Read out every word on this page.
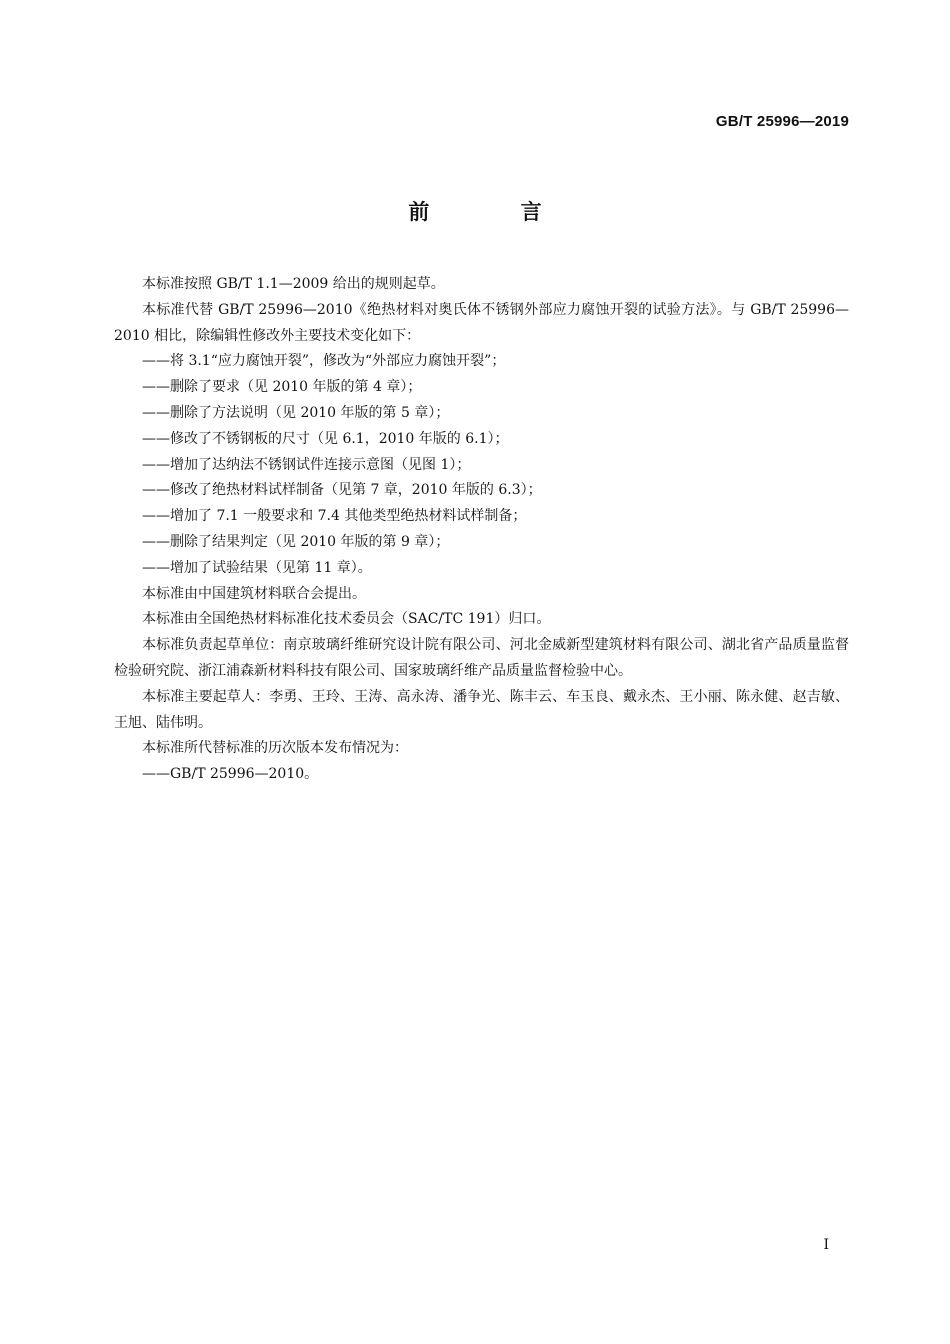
GB/T 25996—2019
前 言

本标准按照 GB/T 1.1—2009 给出的规则起草。

本标准代替 GB/T 25996—2010《绝热材料对奥氏体不锈钢外部应力腐蚀开裂的试验方法》。与 GB/T 25996—2010 相比，除编辑性修改外主要技术变化如下：

——将 3.1“应力腐蚀开裂”，修改为“外部应力腐蚀开裂”；

——删除了要求（见 2010 年版的第 4 章）；

——删除了方法说明（见 2010 年版的第 5 章）；

——修改了不锈钢板的尺寸（见 6.1，2010 年版的 6.1）；

——增加了达纳法不锈钢试件连接示意图（见图 1）；

——修改了绝热材料试样制备（见第 7 章，2010 年版的 6.3）；

——增加了 7.1 一般要求和 7.4 其他类型绝热材料试样制备；

——删除了结果判定（见 2010 年版的第 9 章）；

——增加了试验结果（见第 11 章）。

本标准由中国建筑材料联合会提出。

本标准由全国绝热材料标准化技术委员会（SAC/TC 191）归口。

本标准负责起草单位：南京玻璃纤维研究设计院有限公司、河北金威新型建筑材料有限公司、湖北省产品质量监督检验研究院、浙江浦森新材料科技有限公司、国家玻璃纤维产品质量监督检验中心。

本标准主要起草人：李勇、王玲、王涛、高永涛、潘争光、陈丰云、车玉良、戴永杰、王小丽、陈永健、赵吉敏、王旭、陆伟明。

本标准所代替标准的历次版本发布情况为：

——GB/T 25996—2010。

I
